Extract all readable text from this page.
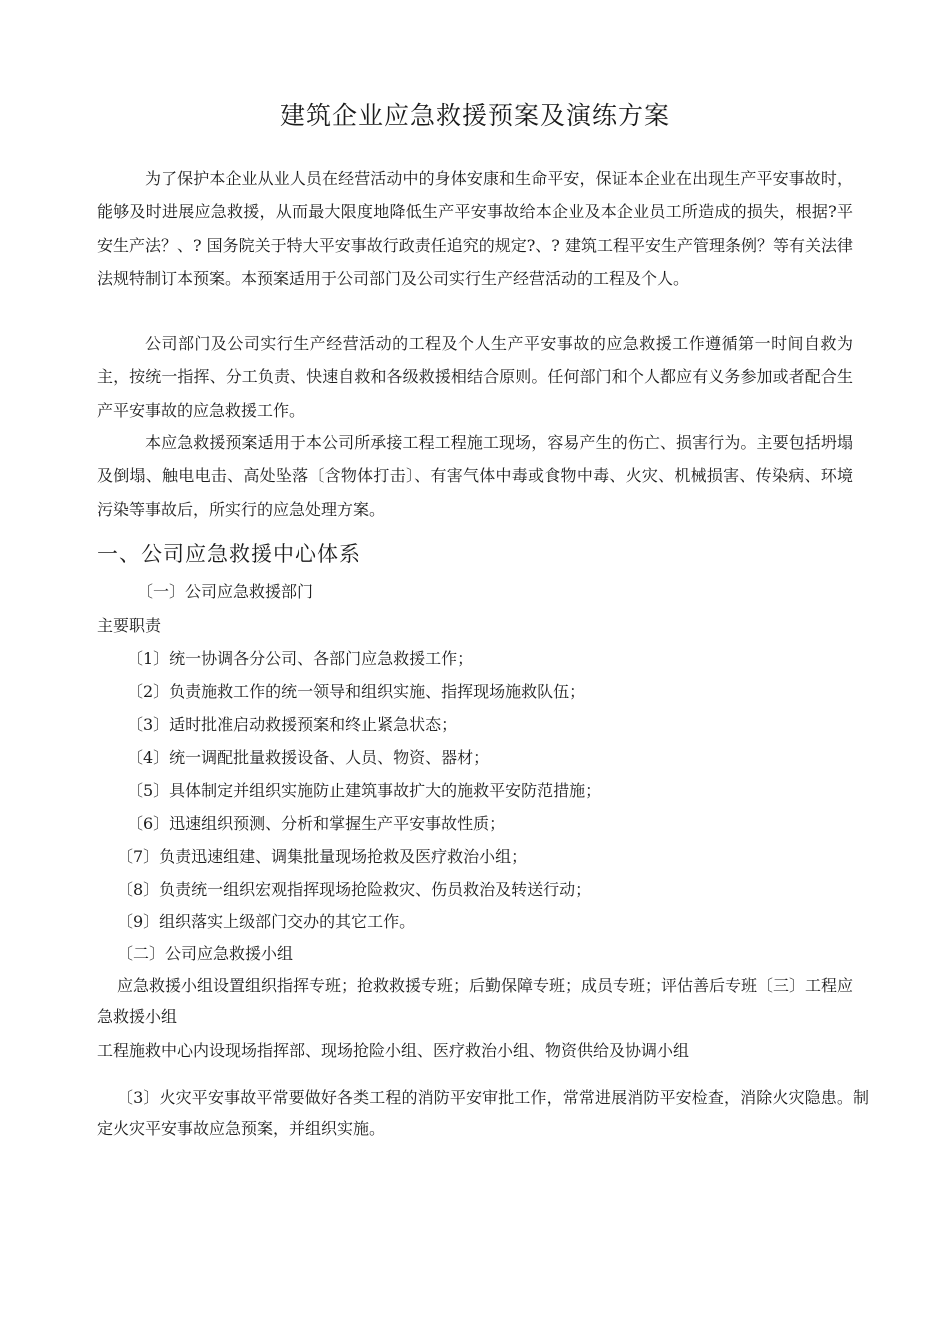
建筑企业应急救援预案及演练方案

为了保护本企业从业人员在经营活动中的身体安康和生命平安，保证本企业在出现生产平安事故时，能够及时进展应急救援，从而最大限度地降低生产平安事故给本企业及本企业员工所造成的损失，根据?平安生产法？、? 国务院关于特大平安事故行政责任追究的规定?、? 建筑工程平安生产管理条例？等有关法律法规特制订本预案。本预案适用于公司部门及公司实行生产经营活动的工程及个人。

公司部门及公司实行生产经营活动的工程及个人生产平安事故的应急救援工作遵循第一时间自救为主，按统一指挥、分工负责、快速自救和各级救援相结合原则。任何部门和个人都应有义务参加或者配合生产平安事故的应急救援工作。

本应急救援预案适用于本公司所承接工程工程施工现场，容易产生的伤亡、损害行为。主要包括坍塌及倒塌、触电电击、高处坠落〔含物体打击〕、有害气体中毒或食物中毒、火灾、机械损害、传染病、环境污染等事故后，所实行的应急处理方案。

一、公司应急救援中心体系
〔一〕公司应急救援部门
主要职责
〔1〕统一协调各分公司、各部门应急救援工作；
〔2〕负责施救工作的统一领导和组织实施、指挥现场施救队伍；
〔3〕适时批准启动救援预案和终止紧急状态；
〔4〕统一调配批量救援设备、人员、物资、器材；
〔5〕具体制定并组织实施防止建筑事故扩大的施救平安防范措施；
〔6〕迅速组织预测、分析和掌握生产平安事故性质；
〔7〕负责迅速组建、调集批量现场抢救及医疗救治小组；
〔8〕负责统一组织宏观指挥现场抢险救灾、伤员救治及转送行动；
〔9〕组织落实上级部门交办的其它工作。
〔二〕公司应急救援小组

应急救援小组设置组织指挥专班；抢救救援专班；后勤保障专班；成员专班；评估善后专班〔三〕工程应急救援小组

工程施救中心内设现场指挥部、现场抢险小组、医疗救治小组、物资供给及协调小组

〔3〕火灾平安事故平常要做好各类工程的消防平安审批工作，常常进展消防平安检查，消除火灾隐患。制定火灾平安事故应急预案，并组织实施。
